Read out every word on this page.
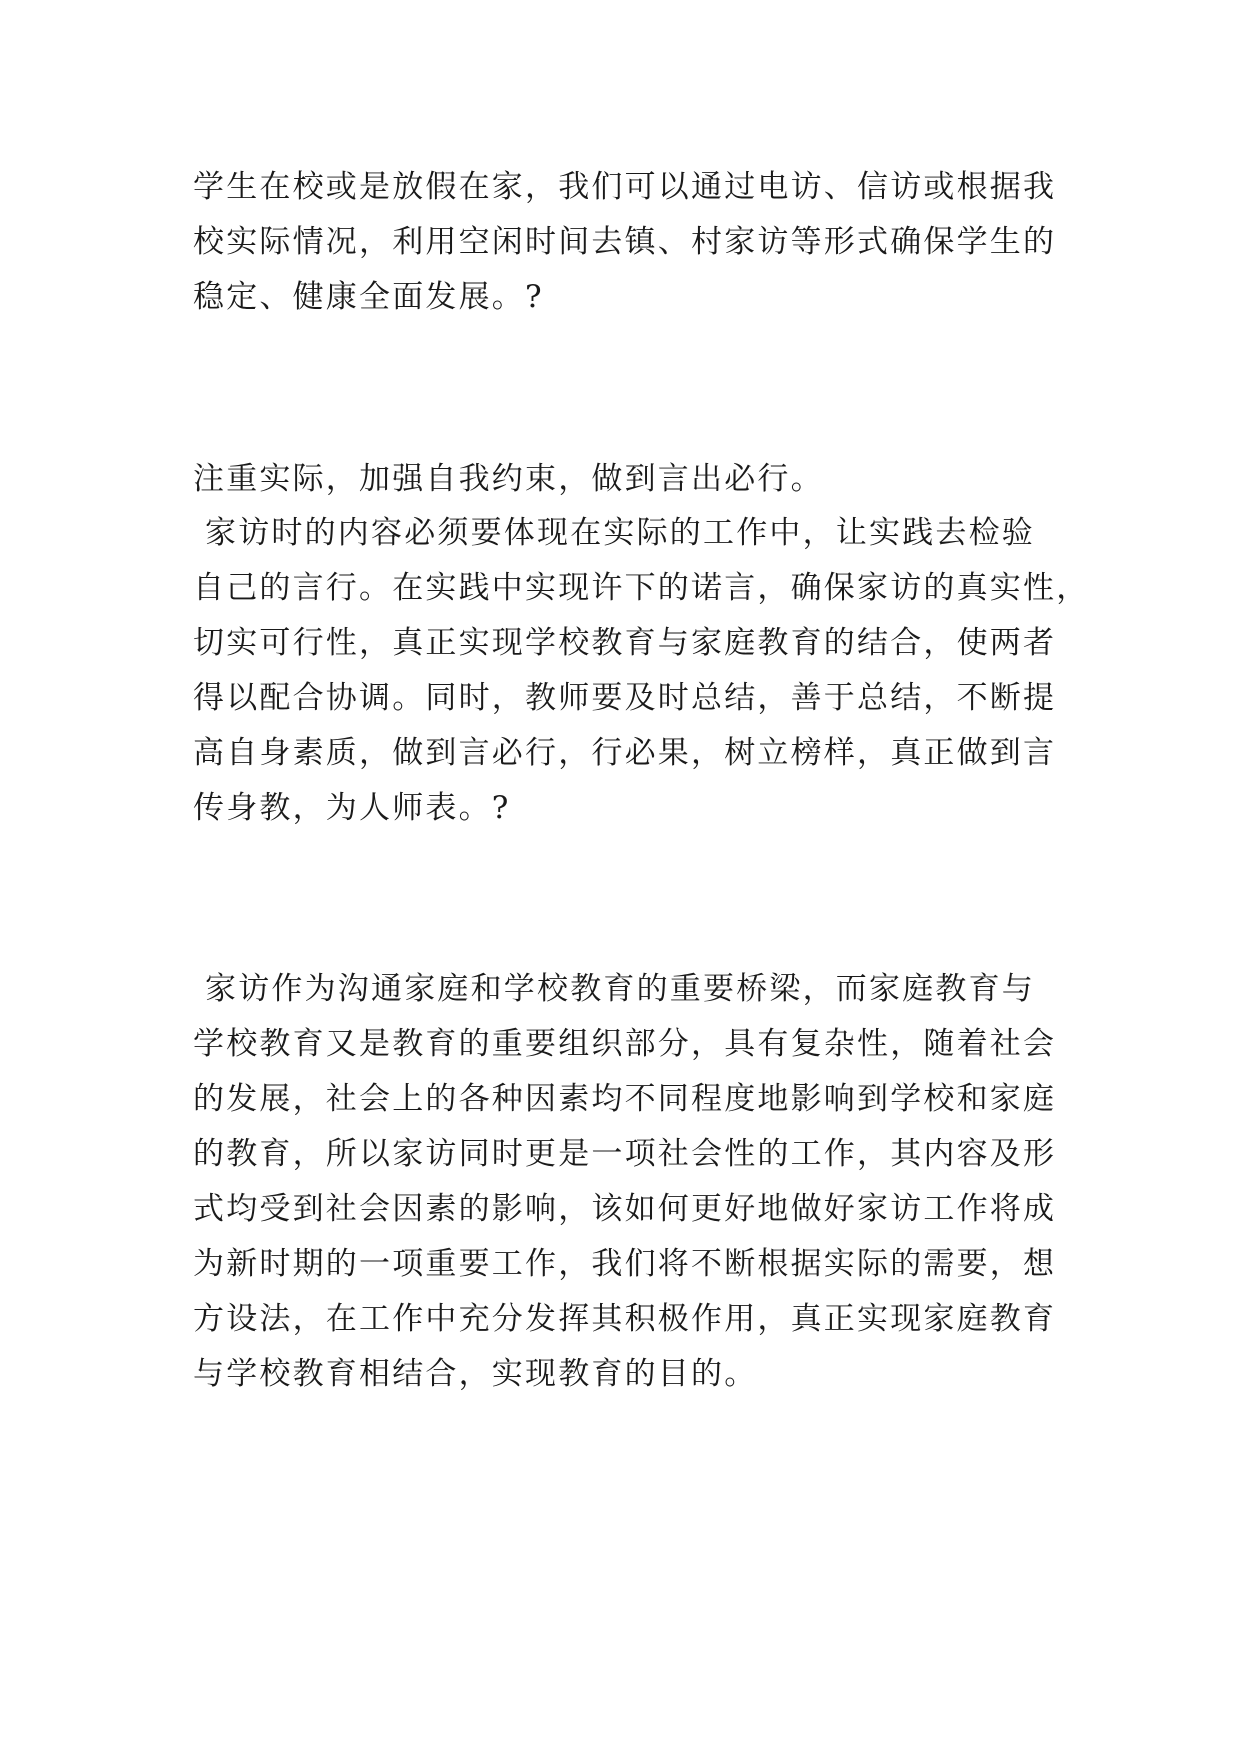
学生在校或是放假在家，我们可以通过电访、信访或根据我
校实际情况，利用空闲时间去镇、村家访等形式确保学生的
稳定、健康全面发展。?
注重实际，加强自我约束，做到言出必行。
家访时的内容必须要体现在实际的工作中，让实践去检验
自己的言行。在实践中实现许下的诺言，确保家访的真实性，
切实可行性，真正实现学校教育与家庭教育的结合，使两者
得以配合协调。同时，教师要及时总结，善于总结，不断提
高自身素质，做到言必行，行必果，树立榜样，真正做到言
传身教，为人师表。?
家访作为沟通家庭和学校教育的重要桥梁，而家庭教育与
学校教育又是教育的重要组织部分，具有复杂性，随着社会
的发展，社会上的各种因素均不同程度地影响到学校和家庭
的教育，所以家访同时更是一项社会性的工作，其内容及形
式均受到社会因素的影响，该如何更好地做好家访工作将成
为新时期的一项重要工作，我们将不断根据实际的需要，想
方设法，在工作中充分发挥其积极作用，真正实现家庭教育
与学校教育相结合，实现教育的目的。
